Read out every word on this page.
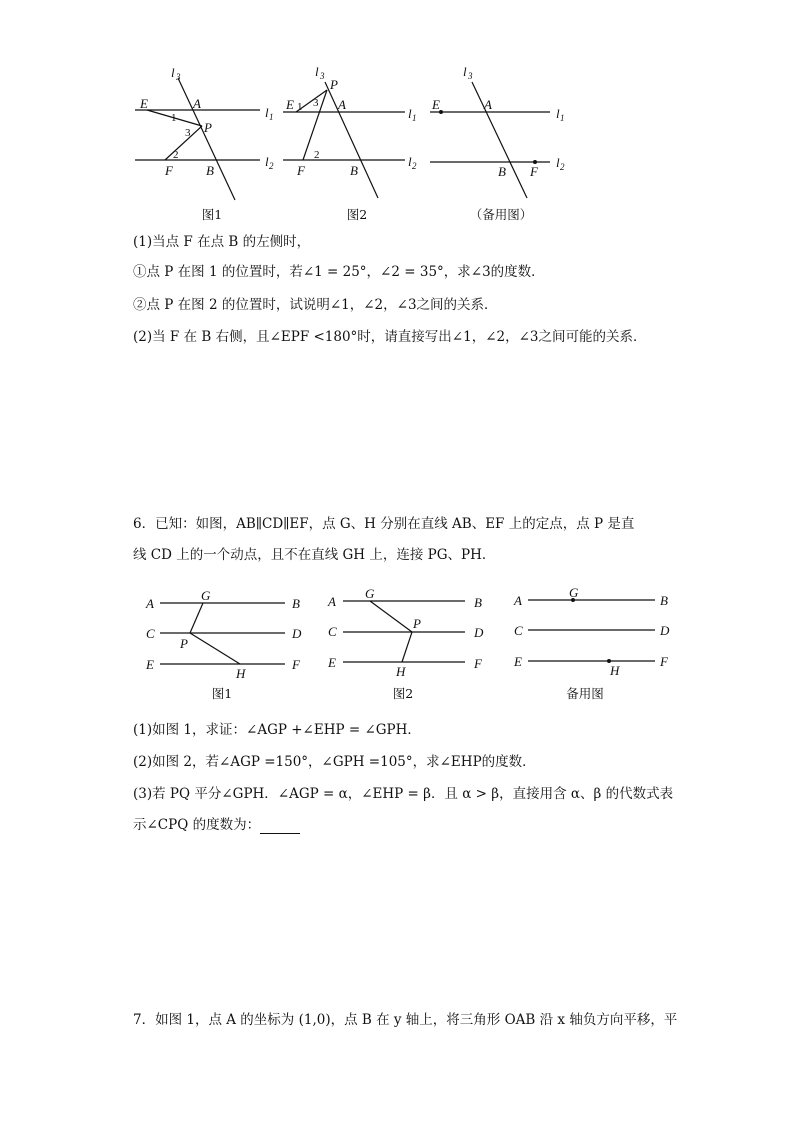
l 3
E	A
l 1
1
P
3
2	l 2
F	B
l 3
P
E 1 3 A
l 1
2	l 2
F	B
l 3
E	A
l 1
l 2
B F
图1	图2	（备用图）
(1)当点 F 在点 B 的左侧时，
①点 P 在图 1 的位置时，若∠1 = 25°，∠2 = 35°，求∠3的度数．
②点 P 在图 2 的位置时，试说明∠1，∠2，∠3之间的关系．
(2)当 F 在 B 右侧，且∠EPF <180°时，请直接写出∠1，∠2，∠3之间可能的关系．
6．已知：如图，AB∥CD∥EF，点 G、H 分别在直线 AB、EF 上的定点，点 P 是直
线 CD 上的一个动点，且不在直线 GH 上，连接 PG、PH．
A
G
B
C	D
P
E	F
H
A
G
B
C
P
D
E	F
H
A
G
B
C	D
E	F
H
图1	图2	备用图
(1)如图 1，求证：∠AGP +∠EHP = ∠GPH．
(2)如图 2，若∠AGP =150°，∠GPH =105°，求∠EHP的度数．
(3)若 PQ 平分∠GPH．∠AGP = α，∠EHP = β．且 α > β，直接用含 α、β 的代数式表
示∠CPQ 的度数为：
7．如图 1，点 A 的坐标为 (1,0)，点 B 在 y 轴上，将三角形 OAB 沿 x 轴负方向平移，平
